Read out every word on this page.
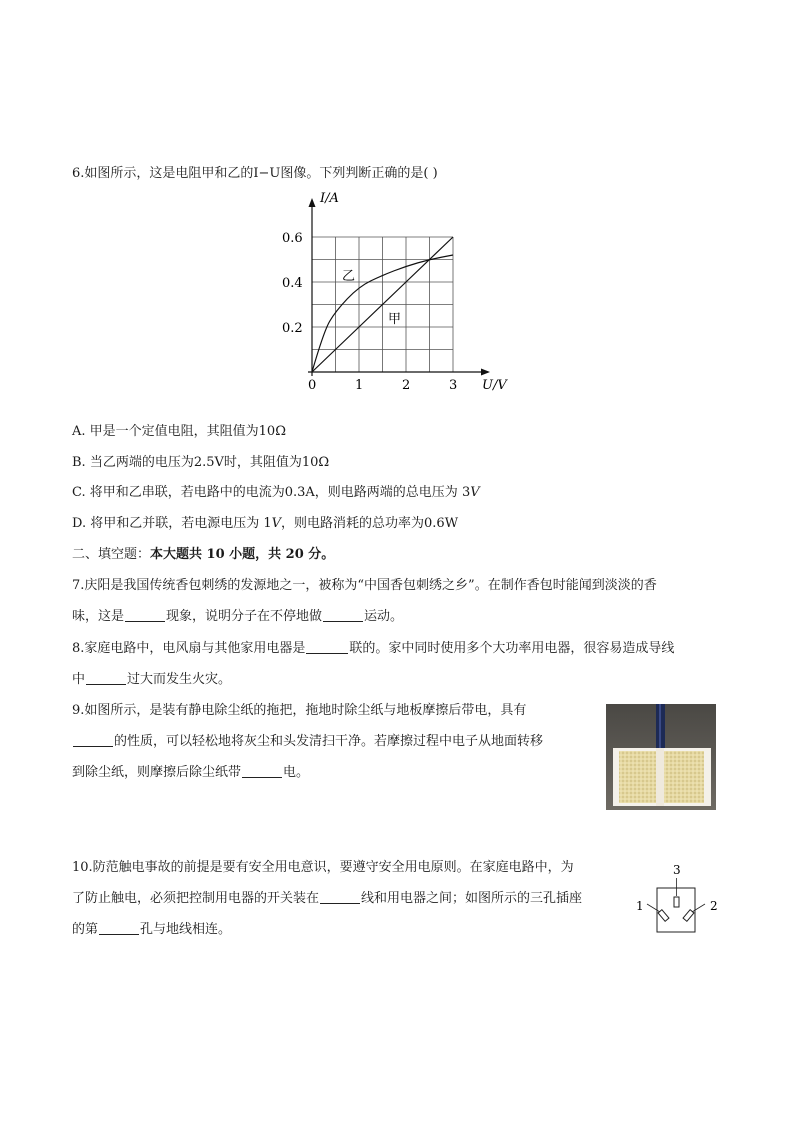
6.如图所示，这是电阻甲和乙的I−U图像。下列判断正确的是( )
1	2	3
0.2
0.4
0.6
I/A
U/V
0
乙
甲
A. 甲是一个定值电阻，其阻值为10Ω
B. 当乙两端的电压为2.5V时，其阻值为10Ω
C. 将甲和乙串联，若电路中的电流为0.3A，则电路两端的总电压为 3V
D. 将甲和乙并联，若电源电压为 1V，则电路消耗的总功率为0.6W
二、填空题：本大题共 10 小题，共 20 分。
7.庆阳是我国传统香包刺绣的发源地之一，被称为“中国香包刺绣之乡”。在制作香包时能闻到淡淡的香
味，这是	现象，说明分子在不停地做	运动。
8.家庭电路中，电风扇与其他家用电器是	联的。家中同时使用多个大功率用电器，很容易造成导线
中	过大而发生火灾。
9.如图所示，是装有静电除尘纸的拖把，拖地时除尘纸与地板摩擦后带电，具有
的性质，可以轻松地将灰尘和头发清扫干净。若摩擦过程中电子从地面转移
到除尘纸，则摩擦后除尘纸带	电。
10.防范触电事故的前提是要有安全用电意识，要遵守安全用电原则。在家庭电路中，为
了防止触电，必须把控制用电器的开关装在	线和用电器之间；如图所示的三孔插座
的第	孔与地线相连。
3
1	2
